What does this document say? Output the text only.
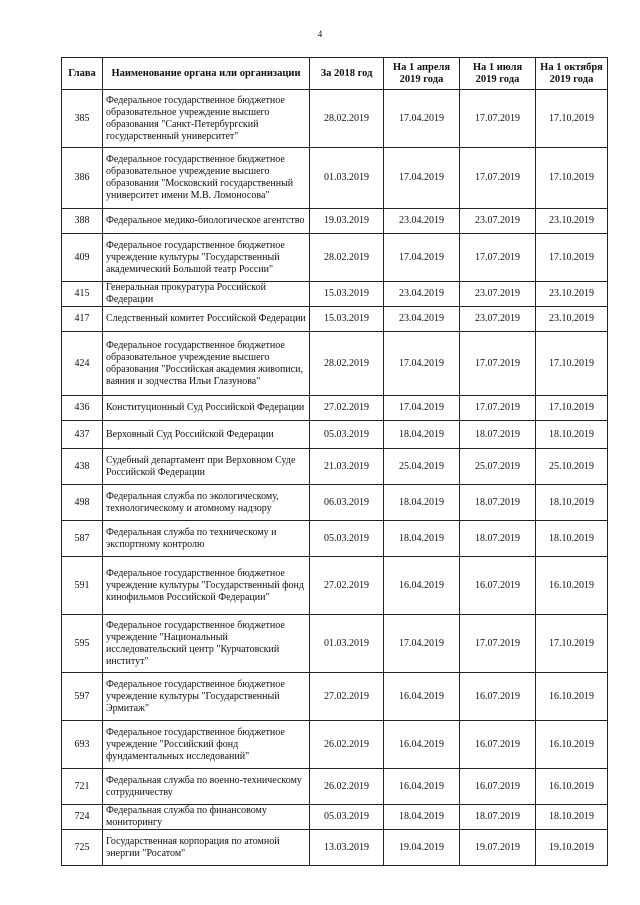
4
Глава	Наименование органа или организации	За 2018 год	На 1 апреля 2019 года	На 1 июля 2019 года	На 1 октября 2019 года
385	Федеральное государственное бюджетное образовательное учреждение высшего образования "Санкт-Петербургский государственный университет"	28.02.2019	17.04.2019	17.07.2019	17.10.2019
386	Федеральное государственное бюджетное образовательное учреждение высшего образования "Московский государственный университет имени М.В. Ломоносова"	01.03.2019	17.04.2019	17.07.2019	17.10.2019
388	Федеральное медико-биологическое агентство	19.03.2019	23.04.2019	23.07.2019	23.10.2019
409	Федеральное государственное бюджетное учреждение культуры "Государственный академический Большой театр России"	28.02.2019	17.04.2019	17.07.2019	17.10.2019
415	Генеральная прокуратура Российской Федерации	15.03.2019	23.04.2019	23.07.2019	23.10.2019
417	Следственный комитет Российской Федерации	15.03.2019	23.04.2019	23.07.2019	23.10.2019
424	Федеральное государственное бюджетное образовательное учреждение высшего образования "Российская академия живописи, ваяния и зодчества Ильи Глазунова"	28.02.2019	17.04.2019	17.07.2019	17.10.2019
436	Конституционный Суд Российской Федерации	27.02.2019	17.04.2019	17.07.2019	17.10.2019
437	Верховный Суд Российской Федерации	05.03.2019	18.04.2019	18.07.2019	18.10.2019
438	Судебный департамент при Верховном Суде Российской Федерации	21.03.2019	25.04.2019	25.07.2019	25.10.2019
498	Федеральная служба по экологическому, технологическому и атомному надзору	06.03.2019	18.04.2019	18.07.2019	18.10.2019
587	Федеральная служба по техническому и экспортному контролю	05.03.2019	18.04.2019	18.07.2019	18.10.2019
591	Федеральное государственное бюджетное учреждение культуры "Государственный фонд кинофильмов Российской Федерации"	27.02.2019	16.04.2019	16.07.2019	16.10.2019
595	Федеральное государственное бюджетное учреждение "Национальный исследовательский центр "Курчатовский институт"	01.03.2019	17.04.2019	17.07.2019	17.10.2019
597	Федеральное государственное бюджетное учреждение культуры "Государственный Эрмитаж"	27.02.2019	16.04.2019	16.07.2019	16.10.2019
693	Федеральное государственное бюджетное учреждение "Российский фонд фундаментальных исследований"	26.02.2019	16.04.2019	16.07.2019	16.10.2019
721	Федеральная служба по военно-техническому сотрудничеству	26.02.2019	16.04.2019	16.07.2019	16.10.2019
724	Федеральная служба по финансовому мониторингу	05.03.2019	18.04.2019	18.07.2019	18.10.2019
725	Государственная корпорация по атомной энергии "Росатом"	13.03.2019	19.04.2019	19.07.2019	19.10.2019
